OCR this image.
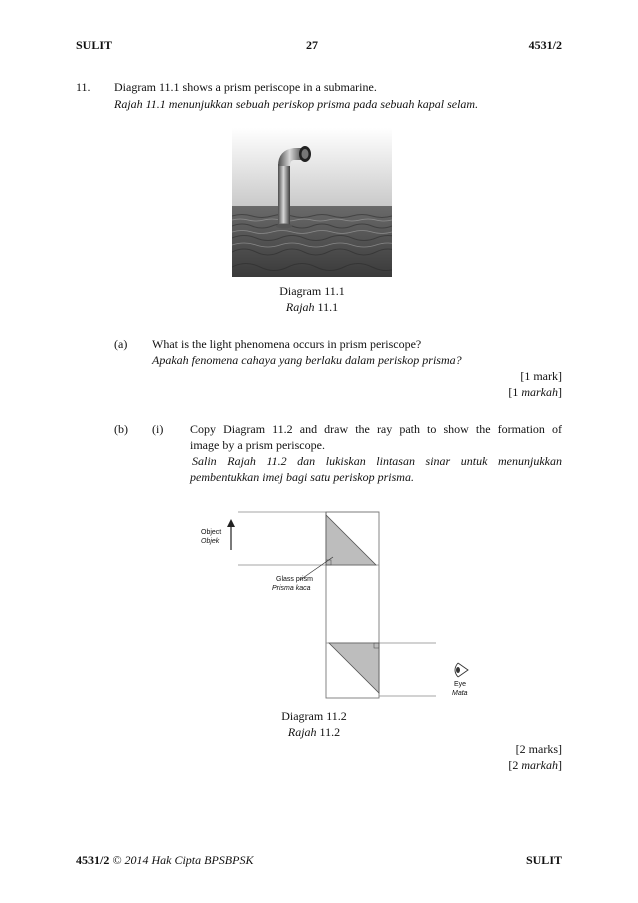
SULIT	27	4531/2
11. Diagram 11.1 shows a prism periscope in a submarine.
Rajah 11.1 menunjukkan sebuah periskop prisma pada sebuah kapal selam.
Diagram 11.1
Rajah 11.1
(a) What is the light phenomena occurs in prism periscope?
Apakah fenomena cahaya yang berlaku dalam periskop prisma?
[1 mark]
[1 markah]
(b) (i) Copy Diagram 11.2 and draw the ray path to show the formation of
image by a prism periscope.
Salin Rajah 11.2 dan lukiskan lintasan sinar untuk menunjukkan
pembentukkan imej bagi satu periskop prisma.
Object
Objek
Glass prism
Prisma kaca
Eye
Mata
Diagram 11.2
Rajah 11.2
[2 marks]
[2 markah]
4531/2 © 2014 Hak Cipta BPSBPSK	SULIT
